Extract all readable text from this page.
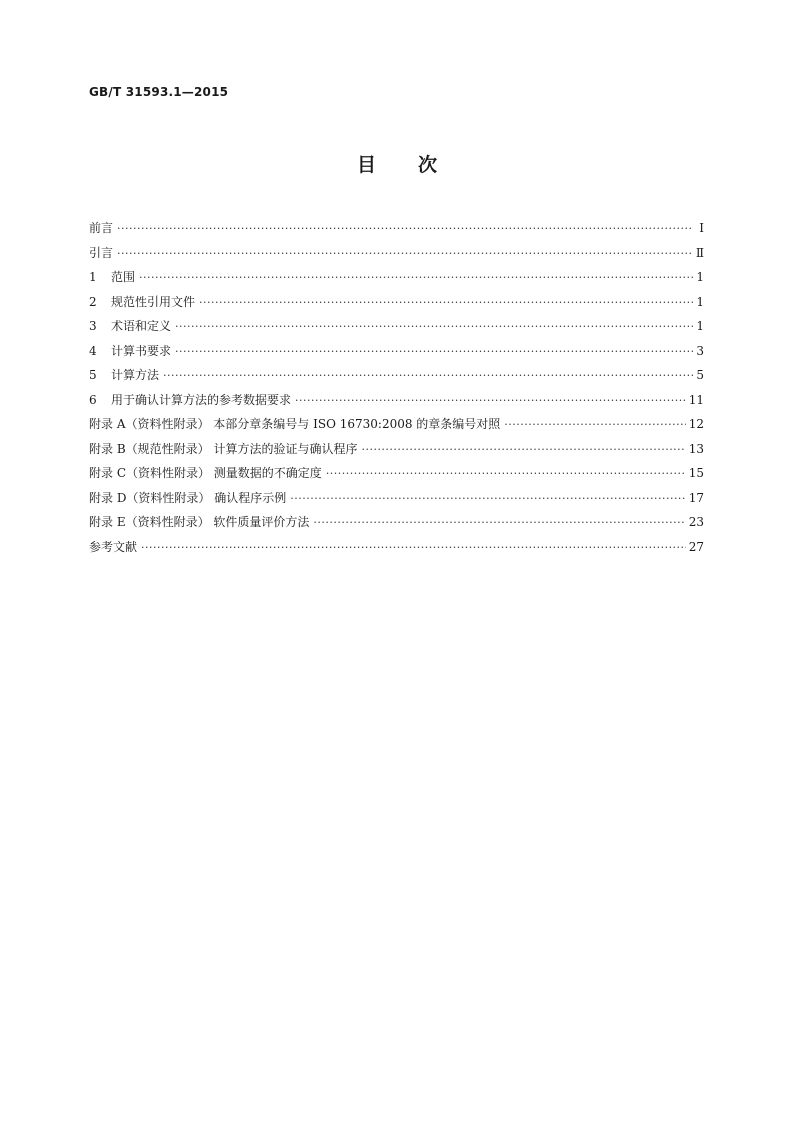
GB/T 31593.1—2015
目 次
前言 ·····	Ⅰ
引言 ·····	Ⅱ
1	范围 ·····	1
2	规范性引用文件 ·····	1
3	术语和定义 ·····	1
4	计算书要求 ·····	3
5	计算方法 ·····	5
6	用于确认计算方法的参考数据要求 ·····	11
附录 A（资料性附录） 本部分章条编号与 ISO 16730:2008 的章条编号对照 ·····	12
附录 B（规范性附录） 计算方法的验证与确认程序 ·····	13
附录 C（资料性附录） 测量数据的不确定度 ·····	15
附录 D（资料性附录） 确认程序示例 ·····	17
附录 E（资料性附录） 软件质量评价方法 ·····	23
参考文献 ·····	27
